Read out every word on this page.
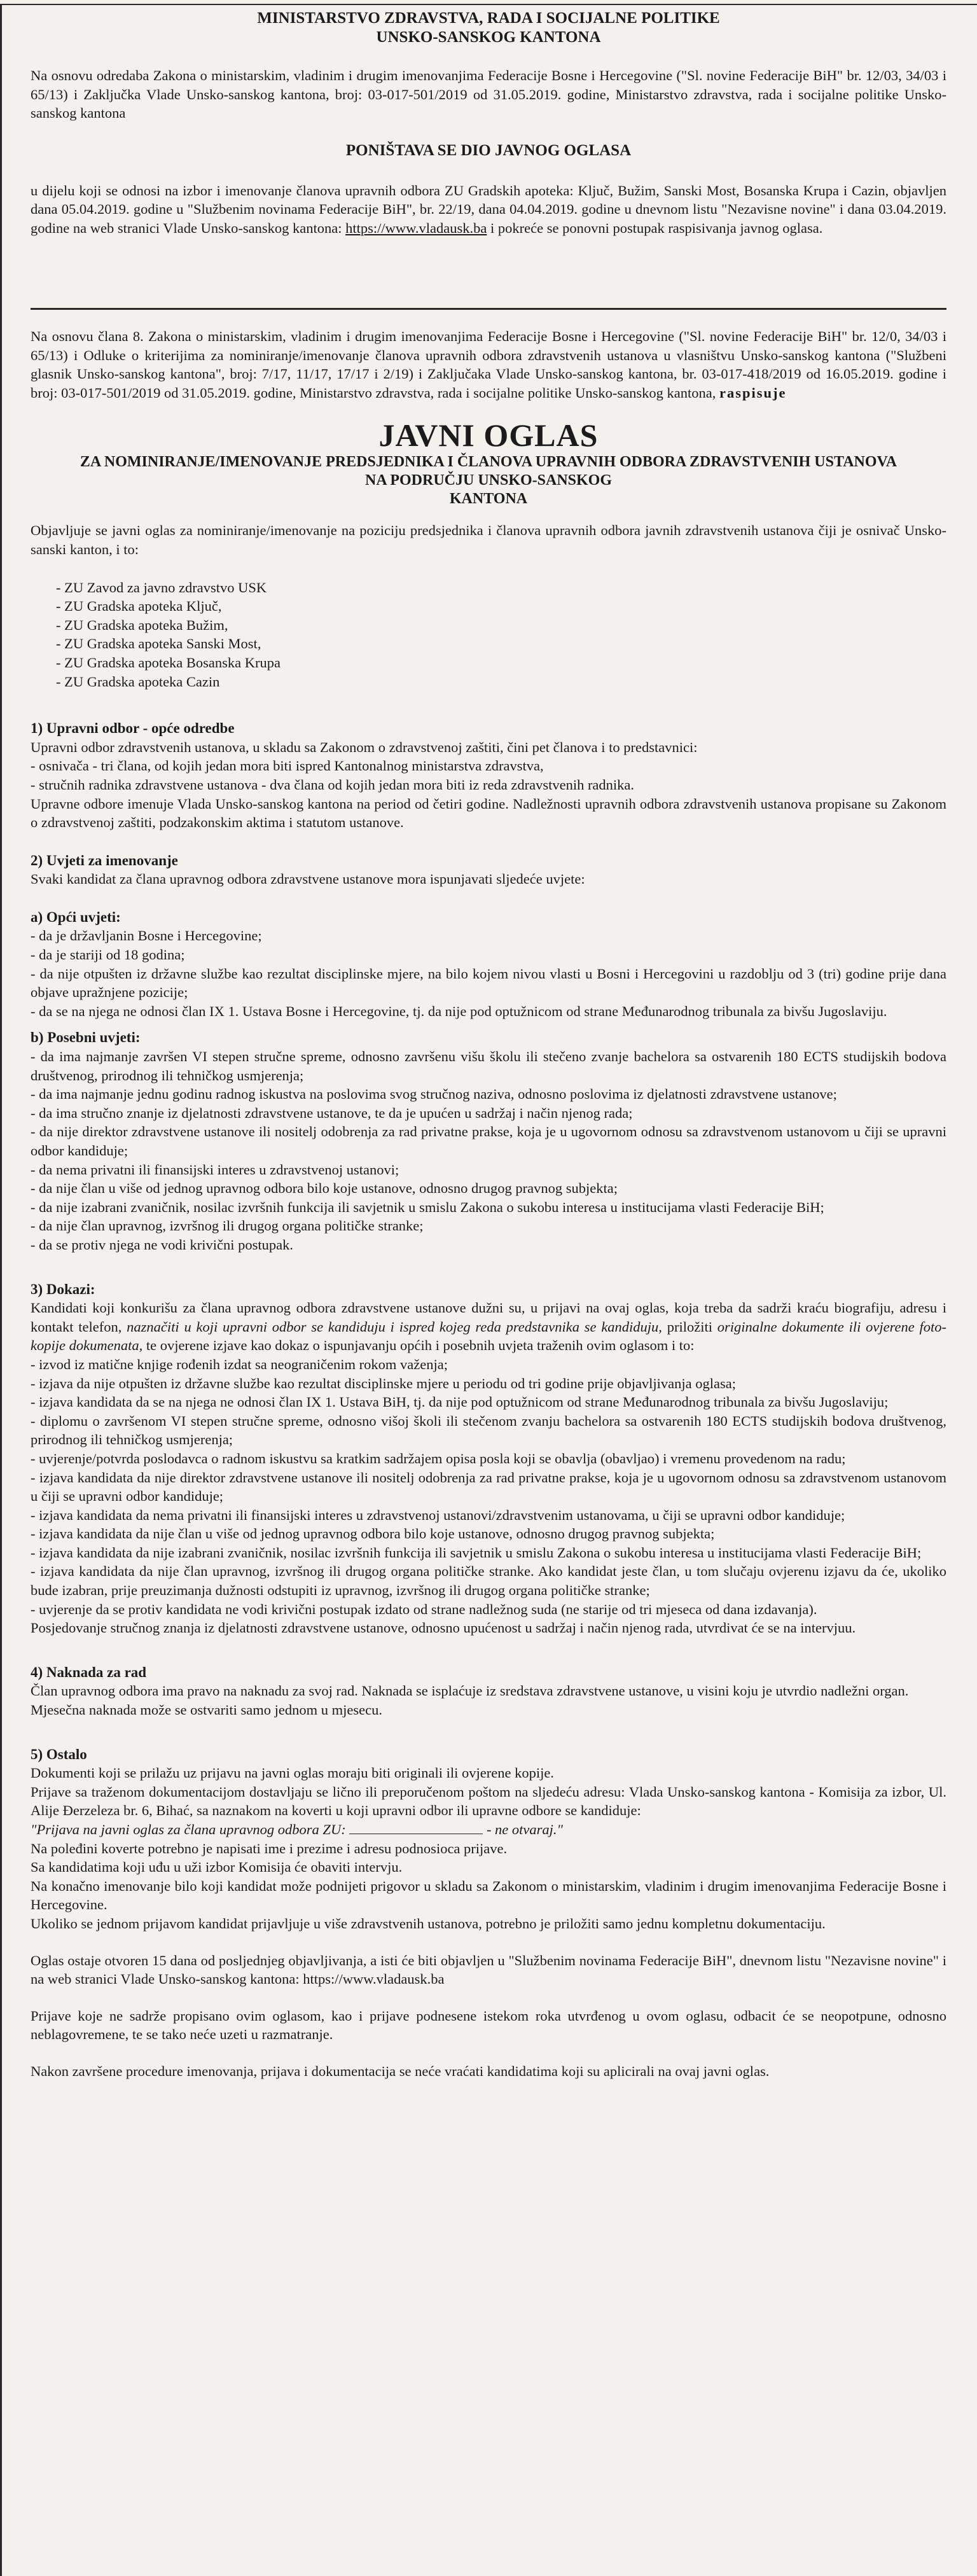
MINISTARSTVO ZDRAVSTVA, RADA I SOCIJALNE POLITIKE
UNSKO-SANSKOG KANTONA

Na osnovu odredaba Zakona o ministarskim, vladinim i drugim imenovanjima Federacije Bosne i Hercegovine ("Sl. novine Federacije BiH" br. 12/03, 34/03 i 65/13) i Zaključka Vlade Unsko-sanskog kantona, broj: 03-017-501/2019 od 31.05.2019. godine, Ministarstvo zdravstva, rada i socijalne politike Unsko-sanskog kantona

PONIŠTAVA SE DIO JAVNOG OGLASA

u dijelu koji se odnosi na izbor i imenovanje članova upravnih odbora ZU Gradskih apoteka: Ključ, Bužim, Sanski Most, Bosanska Krupa i Cazin, objavljen dana 05.04.2019. godine u "Službenim novinama Federacije BiH", br. 22/19, dana 04.04.2019. godine u dnevnom listu "Nezavisne novine" i dana 03.04.2019. godine na web stranici Vlade Unsko-sanskog kantona: https://www.vladausk.ba i pokreće se ponovni postupak raspisivanja javnog oglasa.

Na osnovu člana 8. Zakona o ministarskim, vladinim i drugim imenovanjima Federacije Bosne i Hercegovine ("Sl. novine Federacije BiH" br. 12/0, 34/03 i 65/13) i Odluke o kriterijima za nominiranje/imenovanje članova upravnih odbora zdravstvenih ustanova u vlasništvu Unsko-sanskog kantona ("Službeni glasnik Unsko-sanskog kantona", broj: 7/17, 11/17, 17/17 i 2/19) i Zaključaka Vlade Unsko-sanskog kantona, br. 03-017-418/2019 od 16.05.2019. godine i broj: 03-017-501/2019 od 31.05.2019. godine, Ministarstvo zdravstva, rada i socijalne politike Unsko-sanskog kantona, raspisuje

JAVNI OGLAS
ZA NOMINIRANJE/IMENOVANJE PREDSJEDNIKA I ČLANOVA UPRAVNIH ODBORA ZDRAVSTVENIH USTANOVA
NA PODRUČJU UNSKO-SANSKOG
KANTONA

Objavljuje se javni oglas za nominiranje/imenovanje na poziciju predsjednika i članova upravnih odbora javnih zdravstvenih ustanova čiji je osnivač Unsko-sanski kanton, i to:

- ZU Zavod za javno zdravstvo USK

- ZU Gradska apoteka Ključ,

- ZU Gradska apoteka Bužim,

- ZU Gradska apoteka Sanski Most,

- ZU Gradska apoteka Bosanska Krupa

- ZU Gradska apoteka Cazin

1) Upravni odbor - opće odredbe

Upravni odbor zdravstvenih ustanova, u skladu sa Zakonom o zdravstvenoj zaštiti, čini pet članova i to predstavnici:

- osnivača - tri člana, od kojih jedan mora biti ispred Kantonalnog ministarstva zdravstva,

- stručnih radnika zdravstvene ustanova - dva člana od kojih jedan mora biti iz reda zdravstvenih radnika.

Upravne odbore imenuje Vlada Unsko-sanskog kantona na period od četiri godine. Nadležnosti upravnih odbora zdravstvenih ustanova propisane su Zakonom o zdravstvenoj zaštiti, podzakonskim aktima i statutom ustanove.

2) Uvjeti za imenovanje

Svaki kandidat za člana upravnog odbora zdravstvene ustanove mora ispunjavati sljedeće uvjete:

a) Opći uvjeti:

- da je državljanin Bosne i Hercegovine;

- da je stariji od 18 godina;

- da nije otpušten iz državne službe kao rezultat disciplinske mjere, na bilo kojem nivou vlasti u Bosni i Hercegovini u razdoblju od 3 (tri) godine prije dana objave upražnjene pozicije;

- da se na njega ne odnosi član IX 1. Ustava Bosne i Hercegovine, tj. da nije pod optužnicom od strane Međunarodnog tribunala za bivšu Jugoslaviju.

b) Posebni uvjeti:

- da ima najmanje završen VI stepen stručne spreme, odnosno završenu višu školu ili stečeno zvanje bachelora sa ostvarenih 180 ECTS studijskih bodova društvenog, prirodnog ili tehničkog usmjerenja;

- da ima najmanje jednu godinu radnog iskustva na poslovima svog stručnog naziva, odnosno poslovima iz djelatnosti zdravstvene ustanove;

- da ima stručno znanje iz djelatnosti zdravstvene ustanove, te da je upućen u sadržaj i način njenog rada;

- da nije direktor zdravstvene ustanove ili nositelj odobrenja za rad privatne prakse, koja je u ugovornom odnosu sa zdravstvenom ustanovom u čiji se upravni odbor kandiduje;

- da nema privatni ili finansijski interes u zdravstvenoj ustanovi;

- da nije član u više od jednog upravnog odbora bilo koje ustanove, odnosno drugog pravnog subjekta;

- da nije izabrani zvaničnik, nosilac izvršnih funkcija ili savjetnik u smislu Zakona o sukobu interesa u institucijama vlasti Federacije BiH;

- da nije član upravnog, izvršnog ili drugog organa političke stranke;

- da se protiv njega ne vodi krivični postupak.

3) Dokazi:

Kandidati koji konkurišu za člana upravnog odbora zdravstvene ustanove dužni su, u prijavi na ovaj oglas, koja treba da sadrži kraću biografiju, adresu i kontakt telefon, naznačiti u koji upravni odbor se kandiduju i ispred kojeg reda predstavnika se kandiduju, priložiti originalne dokumente ili ovjerene foto-kopije dokumenata, te ovjerene izjave kao dokaz o ispunjavanju općih i posebnih uvjeta traženih ovim oglasom i to:

- izvod iz matične knjige rođenih izdat sa neograničenim rokom važenja;

- izjava da nije otpušten iz državne službe kao rezultat disciplinske mjere u periodu od tri godine prije objavljivanja oglasa;

- izjava kandidata da se na njega ne odnosi član IX 1. Ustava BiH, tj. da nije pod optužnicom od strane Međunarodnog tribunala za bivšu Jugoslaviju;

- diplomu o završenom VI stepen stručne spreme, odnosno višoj školi ili stečenom zvanju bachelora sa ostvarenih 180 ECTS studijskih bodova društvenog, prirodnog ili tehničkog usmjerenja;

- uvjerenje/potvrda poslodavca o radnom iskustvu sa kratkim sadržajem opisa posla koji se obavlja (obavljao) i vremenu provedenom na radu;

- izjava kandidata da nije direktor zdravstvene ustanove ili nositelj odobrenja za rad privatne prakse, koja je u ugovornom odnosu sa zdravstvenom ustanovom u čiji se upravni odbor kandiduje;

- izjava kandidata da nema privatni ili finansijski interes u zdravstvenoj ustanovi/zdravstvenim ustanovama, u čiji se upravni odbor kandiduje;

- izjava kandidata da nije član u više od jednog upravnog odbora bilo koje ustanove, odnosno drugog pravnog subjekta;

- izjava kandidata da nije izabrani zvaničnik, nosilac izvršnih funkcija ili savjetnik u smislu Zakona o sukobu interesa u institucijama vlasti Federacije BiH;

- izjava kandidata da nije član upravnog, izvršnog ili drugog organa političke stranke. Ako kandidat jeste član, u tom slučaju ovjerenu izjavu da će, ukoliko bude izabran, prije preuzimanja dužnosti odstupiti iz upravnog, izvršnog ili drugog organa političke stranke;

- uvjerenje da se protiv kandidata ne vodi krivični postupak izdato od strane nadležnog suda (ne starije od tri mjeseca od dana izdavanja).

Posjedovanje stručnog znanja iz djelatnosti zdravstvene ustanove, odnosno upućenost u sadržaj i način njenog rada, utvrdivat će se na intervjuu.

4) Naknada za rad

Član upravnog odbora ima pravo na naknadu za svoj rad. Naknada se isplaćuje iz sredstava zdravstvene ustanove, u visini koju je utvrdio nadležni organ.

Mjesečna naknada može se ostvariti samo jednom u mjesecu.

5) Ostalo

Dokumenti koji se prilažu uz prijavu na javni oglas moraju biti originali ili ovjerene kopije.

Prijave sa traženom dokumentacijom dostavljaju se lično ili preporučenom poštom na sljedeću adresu: Vlada Unsko-sanskog kantona - Komisija za izbor, Ul. Alije Đerzeleza br. 6, Bihać, sa naznakom na koverti u koji upravni odbor ili upravne odbore se kandiduje:

"Prijava na javni oglas za člana upravnog odbora ZU:	- ne otvaraj."

Na poleđini koverte potrebno je napisati ime i prezime i adresu podnosioca prijave.

Sa kandidatima koji uđu u uži izbor Komisija će obaviti intervju.

Na konačno imenovanje bilo koji kandidat može podnijeti prigovor u skladu sa Zakonom o ministarskim, vladinim i drugim imenovanjima Federacije Bosne i Hercegovine.

Ukoliko se jednom prijavom kandidat prijavljuje u više zdravstvenih ustanova, potrebno je priložiti samo jednu kompletnu dokumentaciju.

Oglas ostaje otvoren 15 dana od posljednjeg objavljivanja, a isti će biti objavljen u "Službenim novinama Federacije BiH", dnevnom listu "Nezavisne novine" i na web stranici Vlade Unsko-sanskog kantona: https://www.vladausk.ba

Prijave koje ne sadrže propisano ovim oglasom, kao i prijave podnesene istekom roka utvrđenog u ovom oglasu, odbacit će se neopotpune, odnosno neblagovremene, te se tako neće uzeti u razmatranje.

Nakon završene procedure imenovanja, prijava i dokumentacija se neće vraćati kandidatima koji su aplicirali na ovaj javni oglas.
